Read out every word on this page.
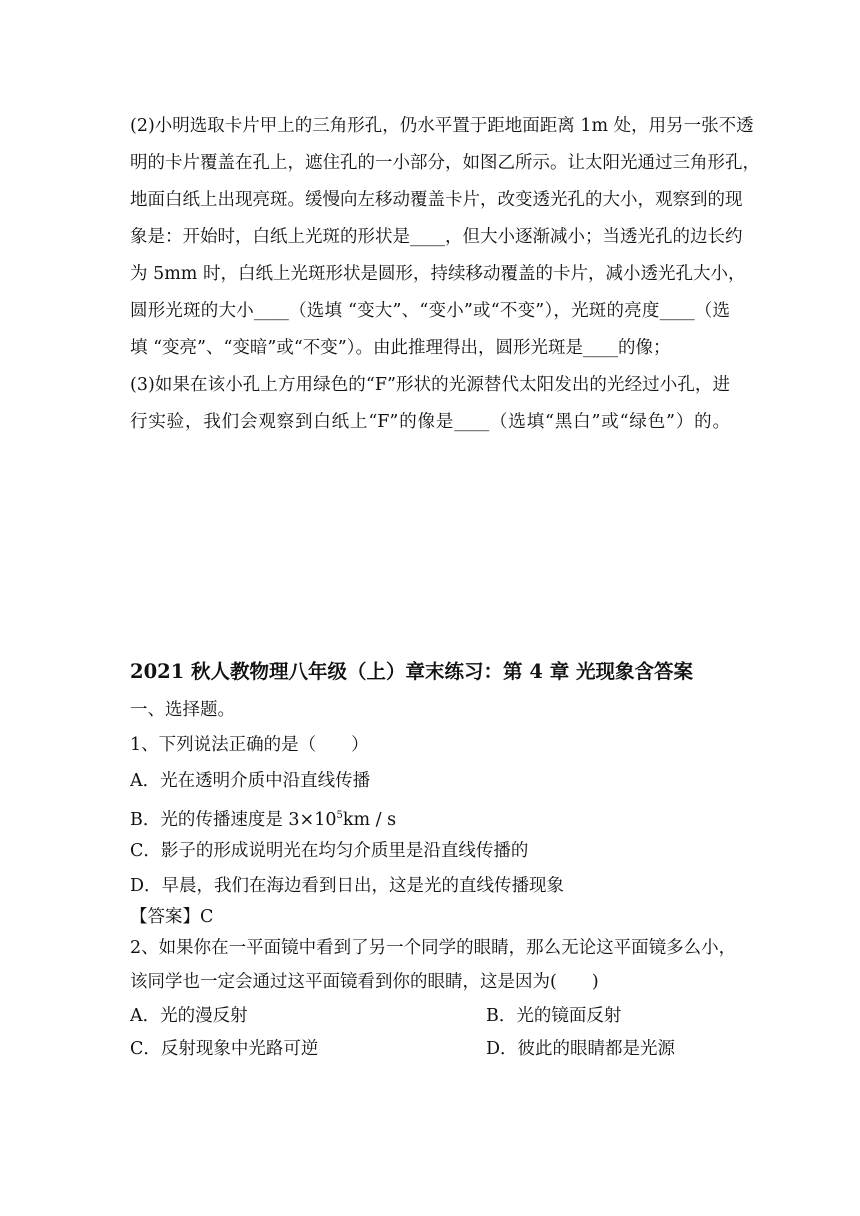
(2)小明选取卡片甲上的三角形孔，仍水平置于距地面距离 1m 处，用另一张不透
明的卡片覆盖在孔上，遮住孔的一小部分，如图乙所示。让太阳光通过三角形孔，
地面白纸上出现亮斑。缓慢向左移动覆盖卡片，改变透光孔的大小，观察到的现
象是：开始时，白纸上光斑的形状是____，但大小逐渐减小；当透光孔的边长约
为 5mm 时，白纸上光斑形状是圆形，持续移动覆盖的卡片，减小透光孔大小，
圆形光斑的大小____（选填 “变大”、“变小”或“不变”），光斑的亮度____（选
填 “变亮”、“变暗”或“不变”）。由此推理得出，圆形光斑是____的像；
(3)如果在该小孔上方用绿色的“F”形状的光源替代太阳发出的光经过小孔，进
行实验，我们会观察到白纸上“F”的像是____（选填“黑白”或“绿色”）的。
2021 秋人教物理八年级（上）章末练习：第 4 章 光现象含答案
一、选择题。
1、下列说法正确的是（　　）
A．光在透明介质中沿直线传播
B．光的传播速度是 $3\times 10^5km / s$
C．影子的形成说明光在均匀介质里是沿直线传播的
D．早晨，我们在海边看到日出，这是光的直线传播现象
【答案】C
2、如果你在一平面镜中看到了另一个同学的眼睛，那么无论这平面镜多么小，
该同学也一定会通过这平面镜看到你的眼睛，这是因为(　　)
A．光的漫反射	B．光的镜面反射
C．反射现象中光路可逆	D．彼此的眼睛都是光源
